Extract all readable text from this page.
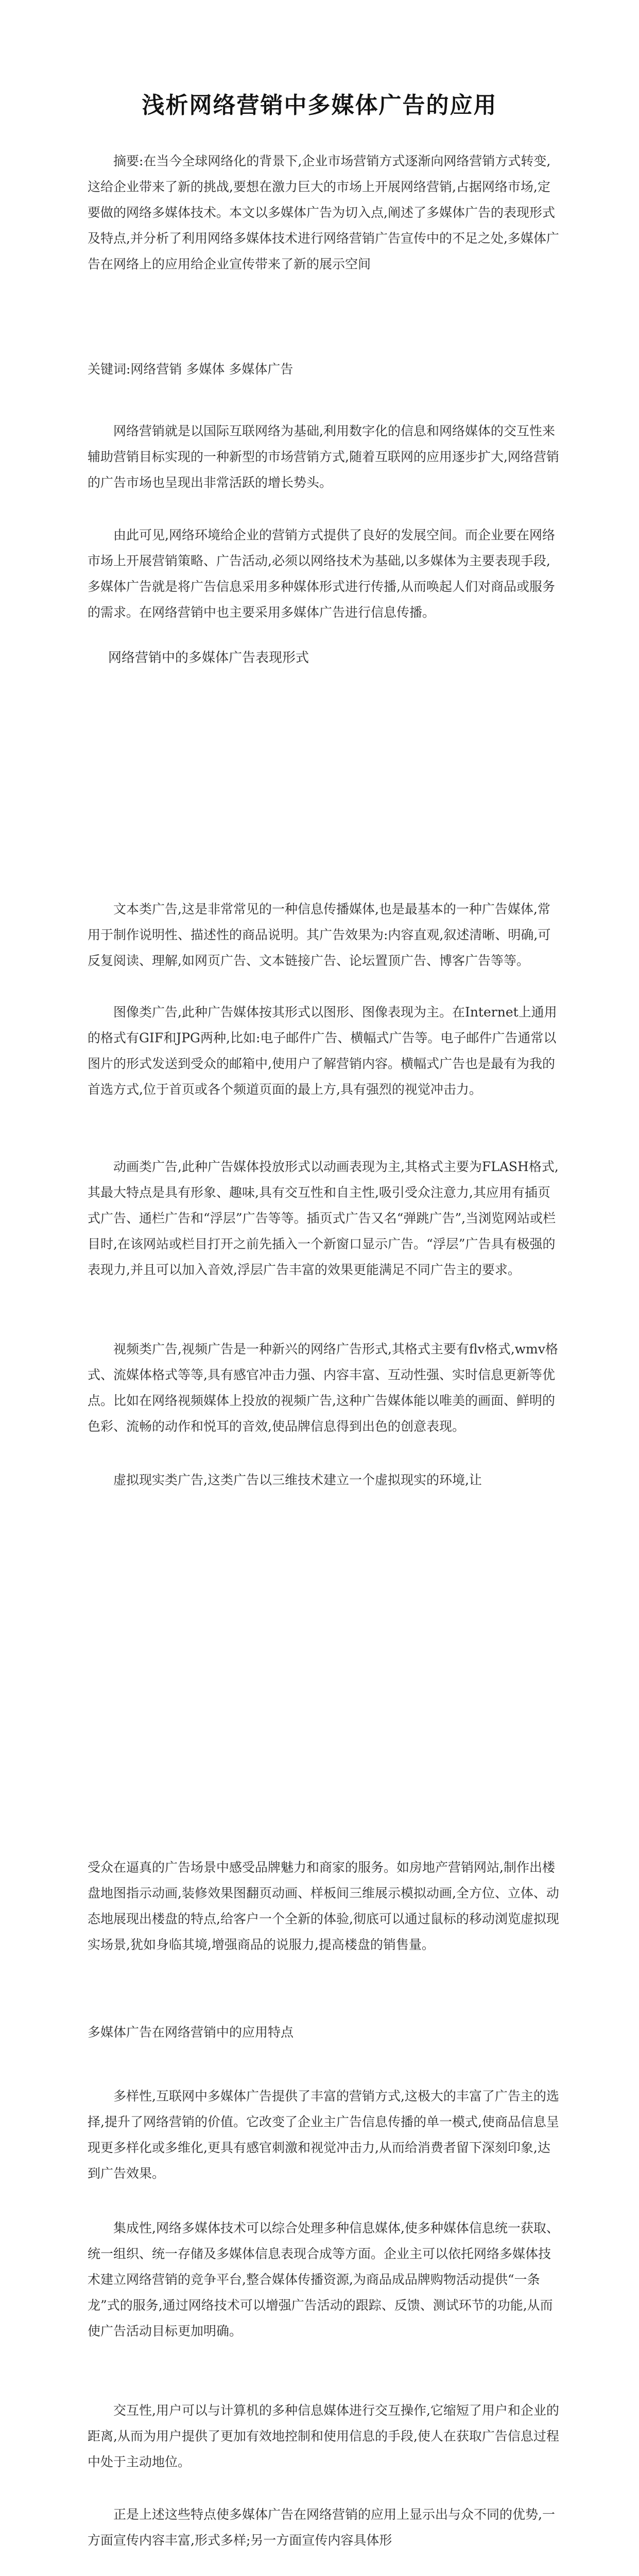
浅析网络营销中多媒体广告的应用
摘要:在当今全球网络化的背景下,企业市场营销方式逐渐向网络营销方式转变,这给企业带来了新的挑战,要想在激力巨大的市场上开展网络营销,占据网络市场,定要做的网络多媒体技术。本文以多媒体广告为切入点,阐述了多媒体广告的表现形式及特点,并分析了利用网络多媒体技术进行网络营销广告宣传中的不足之处,多媒体广告在网络上的应用给企业宣传带来了新的展示空间
关键词:网络营销 多媒体 多媒体广告
网络营销就是以国际互联网络为基础,利用数字化的信息和网络媒体的交互性来辅助营销目标实现的一种新型的市场营销方式,随着互联网的应用逐步扩大,网络营销的广告市场也呈现出非常活跃的增长势头。
由此可见,网络环境给企业的营销方式提供了良好的发展空间。而企业要在网络市场上开展营销策略、广告活动,必须以网络技术为基础,以多媒体为主要表现手段,多媒体广告就是将广告信息采用多种媒体形式进行传播,从而唤起人们对商品或服务的需求。在网络营销中也主要采用多媒体广告进行信息传播。
网络营销中的多媒体广告表现形式
文本类广告,这是非常常见的一种信息传播媒体,也是最基本的一种广告媒体,常用于制作说明性、描述性的商品说明。其广告效果为:内容直观,叙述清晰、明确,可反复阅读、理解,如网页广告、文本链接广告、论坛置顶广告、博客广告等等。
图像类广告,此种广告媒体按其形式以图形、图像表现为主。在Internet上通用的格式有GIF和JPG两种,比如:电子邮件广告、横幅式广告等。电子邮件广告通常以图片的形式发送到受众的邮箱中,使用户了解营销内容。横幅式广告也是最有为我的首选方式,位于首页或各个频道页面的最上方,具有强烈的视觉冲击力。
动画类广告,此种广告媒体投放形式以动画表现为主,其格式主要为FLASH格式,其最大特点是具有形象、趣味,具有交互性和自主性,吸引受众注意力,其应用有插页式广告、通栏广告和“浮层”广告等等。插页式广告又名“弹跳广告”,当浏览网站或栏目时,在该网站或栏目打开之前先插入一个新窗口显示广告。“浮层”广告具有极强的表现力,并且可以加入音效,浮层广告丰富的效果更能满足不同广告主的要求。
视频类广告,视频广告是一种新兴的网络广告形式,其格式主要有flv格式,wmv格式、流媒体格式等等,具有感官冲击力强、内容丰富、互动性强、实时信息更新等优点。比如在网络视频媒体上投放的视频广告,这种广告媒体能以唯美的画面、鲜明的色彩、流畅的动作和悦耳的音效,使品牌信息得到出色的创意表现。
虚拟现实类广告,这类广告以三维技术建立一个虚拟现实的环境,让
受众在逼真的广告场景中感受品牌魅力和商家的服务。如房地产营销网站,制作出楼盘地图指示动画,装修效果图翻页动画、样板间三维展示模拟动画,全方位、立体、动态地展现出楼盘的特点,给客户一个全新的体验,彻底可以通过鼠标的移动浏览虚拟现实场景,犹如身临其境,增强商品的说服力,提高楼盘的销售量。
多媒体广告在网络营销中的应用特点
多样性,互联网中多媒体广告提供了丰富的营销方式,这极大的丰富了广告主的选择,提升了网络营销的价值。它改变了企业主广告信息传播的单一模式,使商品信息呈现更多样化或多维化,更具有感官刺激和视觉冲击力,从而给消费者留下深刻印象,达到广告效果。
集成性,网络多媒体技术可以综合处理多种信息媒体,使多种媒体信息统一获取、统一组织、统一存储及多媒体信息表现合成等方面。企业主可以依托网络多媒体技术建立网络营销的竞争平台,整合媒体传播资源,为商品成品牌购物活动提供“一条龙”式的服务,通过网络技术可以增强广告活动的跟踪、反馈、测试环节的功能,从而使广告活动目标更加明确。
交互性,用户可以与计算机的多种信息媒体进行交互操作,它缩短了用户和企业的距离,从而为用户提供了更加有效地控制和使用信息的手段,使人在获取广告信息过程中处于主动地位。
正是上述这些特点使多媒体广告在网络营销的应用上显示出与众不同的优势,一方面宣传内容丰富,形式多样;另一方面宣传内容具体形
